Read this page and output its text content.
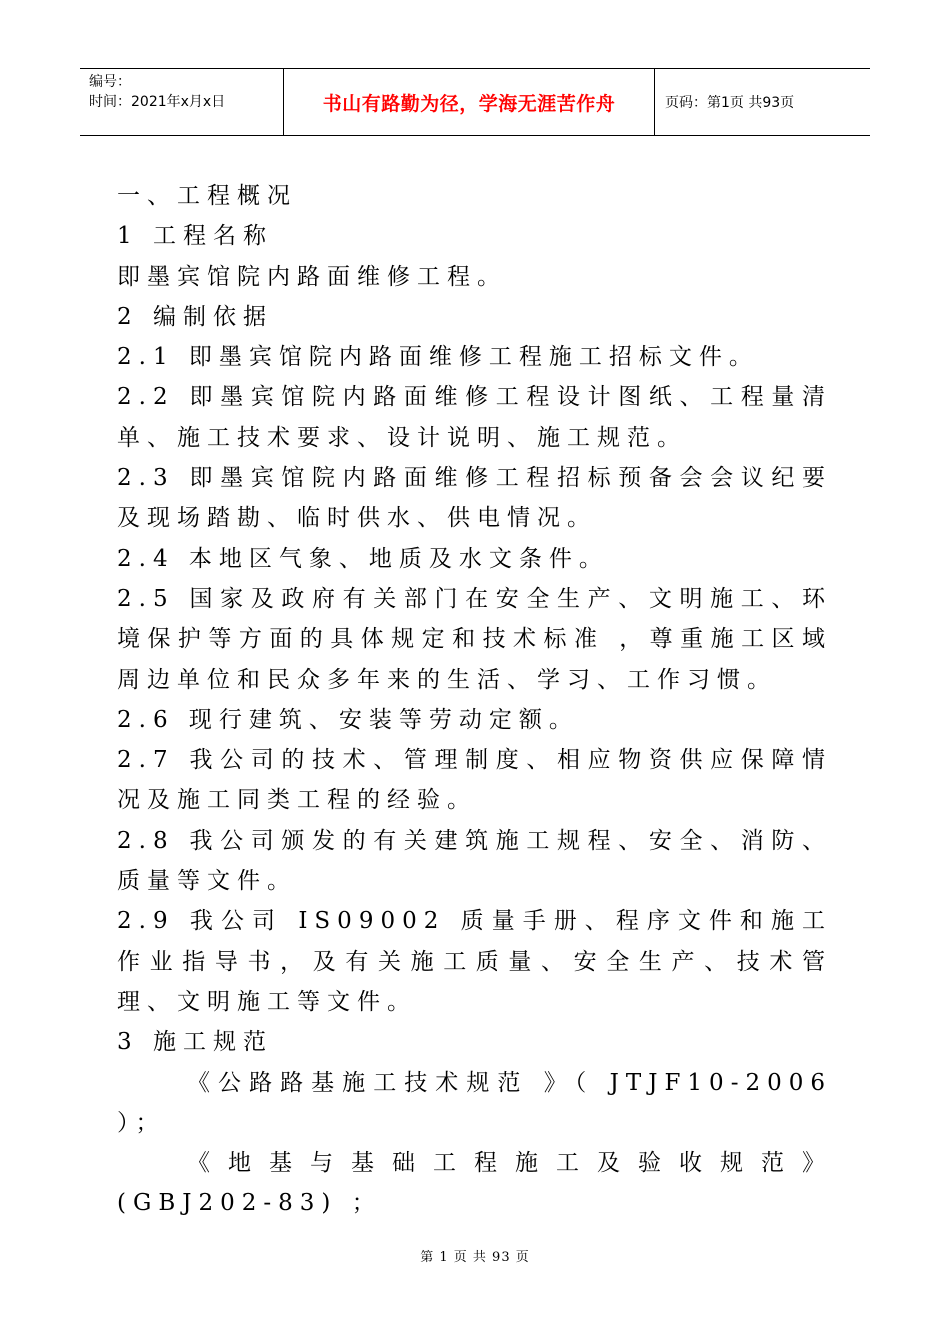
编号：
时间：2021年x月x日	书山有路勤为径，学海无涯苦作舟	页码：第1页 共93页
一、工程概况
1 工程名称
即墨宾馆院内路面维修工程。
2 编制依据
2.1 即墨宾馆院内路面维修工程施工招标文件。
2.2 即墨宾馆院内路面维修工程设计图纸、工程量清单、施工技术要求、设计说明、施工规范。
2.3 即墨宾馆院内路面维修工程招标预备会会议纪要及现场踏勘、临时供水、供电情况。
2.4 本地区气象、地质及水文条件。
2.5 国家及政府有关部门在安全生产、文明施工、环境保护等方面的具体规定和技术标准 ，尊重施工区域周边单位和民众多年来的生活、学习、工作习惯。
2.6 现行建筑、安装等劳动定额。
2.7 我公司的技术、管理制度、相应物资供应保障情况及施工同类工程的经验。
2.8 我公司颁发的有关建筑施工规程、安全、消防、质量等文件。
2.9 我公司 IS09002 质量手册、程序文件和施工作业指导书，及有关施工质量、安全生产、技术管理、文明施工等文件。
3 施工规范
《公路路基施工技术规范 》（ JTJF10-2006 ）；
《地基与基础工程施工及验收规范》 (GBJ202-83) ；
第 1 页 共 93 页
